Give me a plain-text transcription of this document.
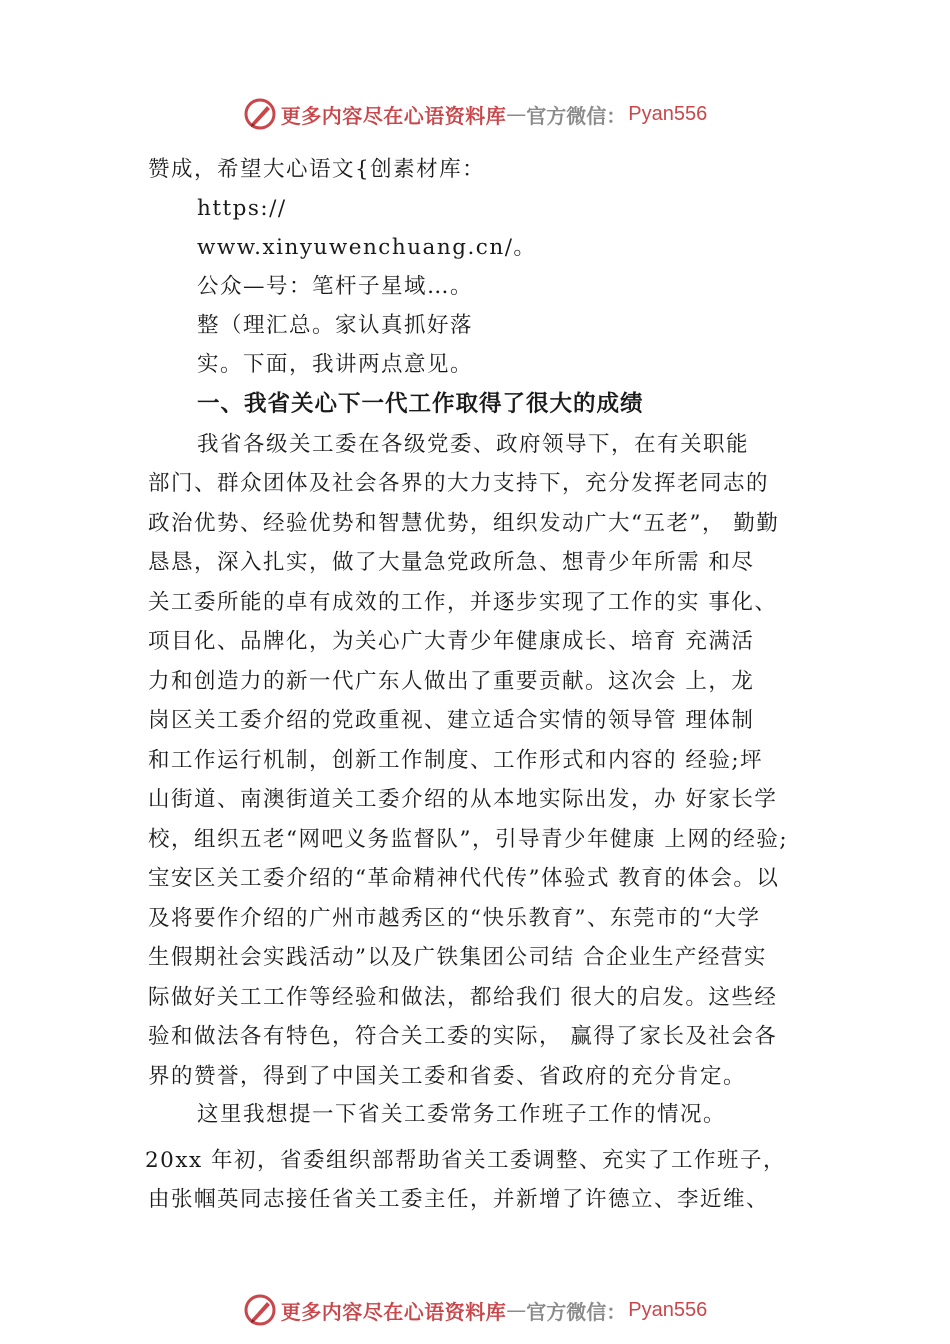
更多内容尽在心语资料库 — 官方微信： Pyan556
赞成，希望大心语文{创素材库：
https://
www.xinyuwenchuang.cn/。
公众—号：笔杆子星域…。
整（理汇总。家认真抓好落
实。下面，我讲两点意见。
一、我省关心下一代工作取得了很大的成绩
我省各级关工委在各级党委、政府领导下，在有关职能
部门、群众团体及社会各界的大力支持下，充分发挥老同志的
政治优势、经验优势和智慧优势，组织发动广大“五老”， 勤勤
恳恳，深入扎实，做了大量急党政所急、想青少年所需 和尽
关工委所能的卓有成效的工作，并逐步实现了工作的实 事化、
项目化、品牌化，为关心广大青少年健康成长、培育 充满活
力和创造力的新一代广东人做出了重要贡献。这次会 上，龙
岗区关工委介绍的党政重视、建立适合实情的领导管 理体制
和工作运行机制，创新工作制度、工作形式和内容的 经验;坪
山街道、南澳街道关工委介绍的从本地实际出发，办 好家长学
校，组织五老“网吧义务监督队”，引导青少年健康 上网的经验;
宝安区关工委介绍的“革命精神代代传”体验式 教育的体会。以
及将要作介绍的广州市越秀区的“快乐教育”、东莞市的“大学
生假期社会实践活动”以及广铁集团公司结 合企业生产经营实
际做好关工工作等经验和做法，都给我们 很大的启发。这些经
验和做法各有特色，符合关工委的实际， 赢得了家长及社会各
界的赞誉，得到了中国关工委和省委、省政府的充分肯定。
这里我想提一下省关工委常务工作班子工作的情况。
20xx 年初，省委组织部帮助省关工委调整、充实了工作班子，
由张帼英同志接任省关工委主任，并新增了许德立、李近维、
更多内容尽在心语资料库 — 官方微信： Pyan556
